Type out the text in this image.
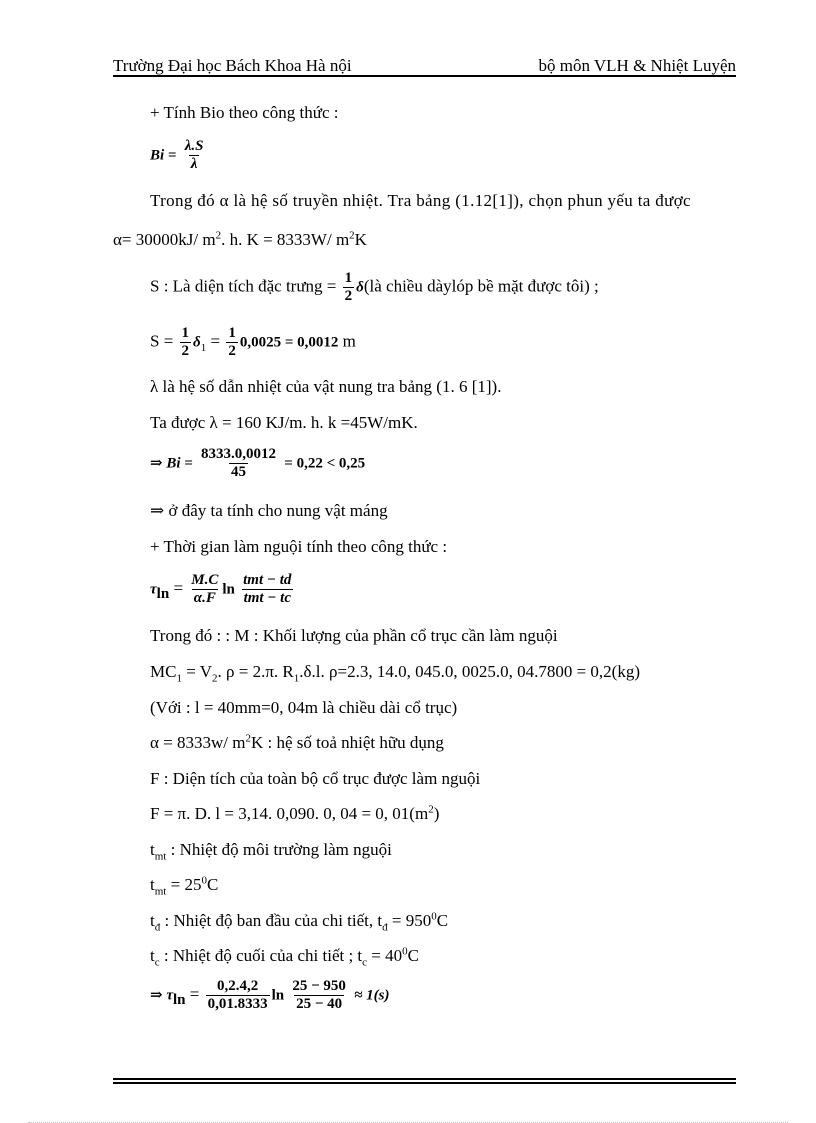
Trường Đại học Bách Khoa Hà nội	bộ môn VLH & Nhiệt Luyện
+ Tính Bio theo công thức :
$Bi = \frac{\lambda.S}{\lambda}$
Trong đó α là hệ số truyền nhiệt. Tra bảng (1.12[1]), chọn phun yếu ta được
α= 30000kJ/ $m^2$. h. K = 8333W/ $m^2K$
S : Là diện tích đặc trưng = $\frac{1}{2}$ δ(là chiều dàylóp bề mặt được tôi) ;
$S = \frac{1}{2} \delta_1 = \frac{1}{2} 0,0025 = 0,0012$ m
λ là hệ số dẫn nhiệt của vật nung tra bảng (1. 6 [1]).
Ta được λ = 160 KJ/m. h. k =45W/mK.
⇒ $Bi = \frac{8333.0,0012}{45} = 0,22 < 0,25$
⇒ ở đây ta tính cho nung vật máng
+ Thời gian làm nguội tính theo công thức :
$\tau_{ln} = \frac{M.C}{\alpha.F}$ $\ln \frac{\text{tmt − td}}{\text{tmt − tc}}$
Trong đó : : M : Khối lượng của phần cổ trục cần làm nguội
$MC_1 = V_2$. ρ = 2.π. $R_1.\delta.l$. ρ=2.3, 14.0, 045.0, 0025.0, 04.7800 = 0,2(kg)
(Với : l = 40mm=0, 04m là chiều dài cổ trục)
α = 8333w/ $m^2K$ : hệ số toả nhiệt hữu dụng
F : Diện tích của toàn bộ cổ trục được làm nguội
F = π. D. l = 3,14. 0,090. 0, 04 = 0, $01(m^2)$
$t_{mt}$ : Nhiệt độ môi trường làm nguội
$t_{mt} = 25^0C$
$t_đ$ : Nhiệt độ ban đầu của chi tiết, $t_đ = 950^0C$
$t_c$ : Nhiệt độ cuối của chi tiết ; $t_c = 40^0C$
⇒ $\tau_{ln} = \frac{0,2.4,2}{0,01.8333}$ $\ln \frac{25 - 950}{25 - 40} \approx 1(s)$
